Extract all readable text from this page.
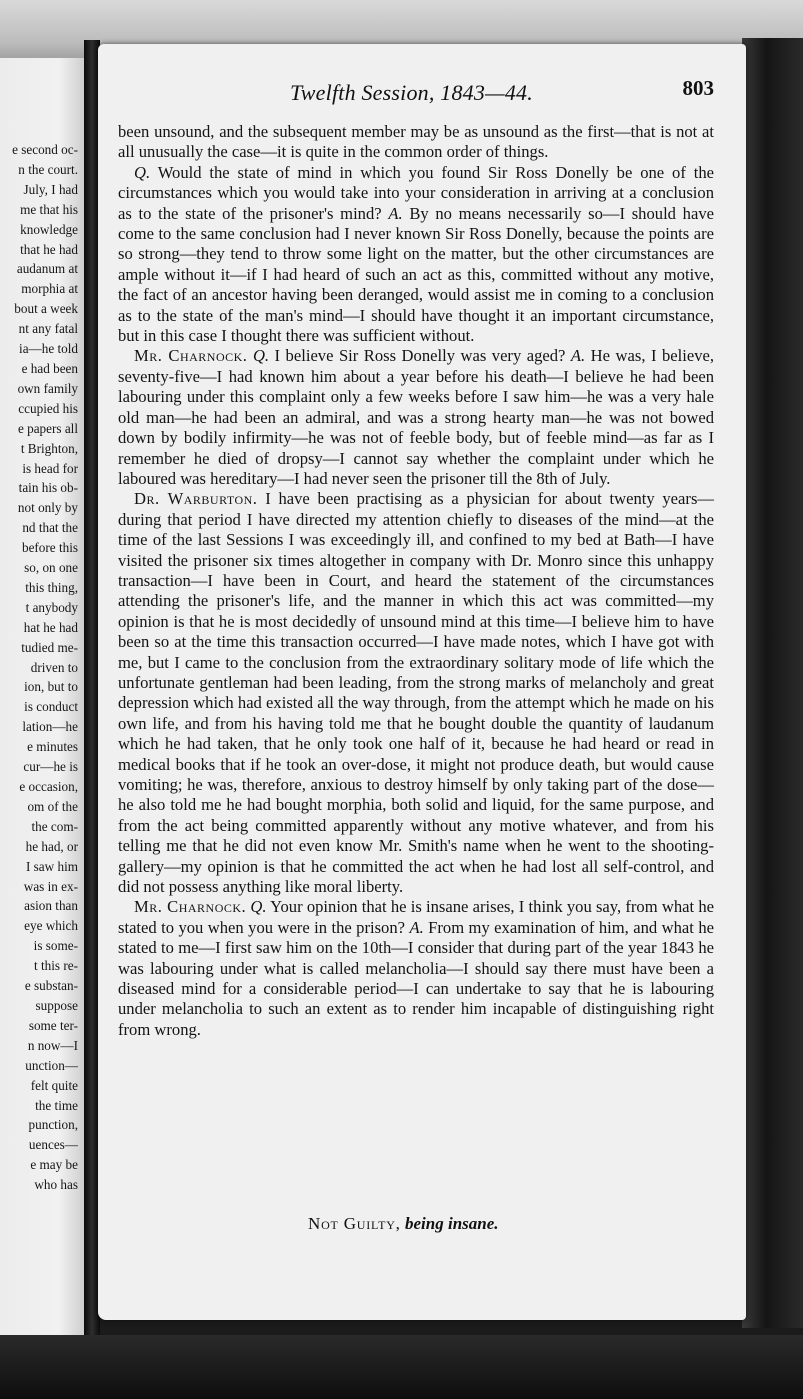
e second oc-
n the court.
July, I had
me that his
knowledge
that he had
audanum at
morphia at
bout a week
nt any fatal
ia—he told
e had been
own family
ccupied his
e papers all
t Brighton,
is head for
tain his ob-
not only by
nd that the
before this
so, on one
this thing,
t anybody
hat he had
tudied me-
driven to
ion, but to
is conduct
lation—he
e minutes
cur—he is
e occasion,
om of the
the com-
he had, or
I saw him
was in ex-
asion than
eye which
is some-
t this re-
e substan-
suppose
some ter-
n now—I
unction—
felt quite
the time
punction,
uences—
e may be
who has
Twelfth Session, 1843—44.	803

been unsound, and the subsequent member may be as unsound as the first—that is not at all unusually the case—it is quite in the common order of things.

Q. Would the state of mind in which you found Sir Ross Donelly be one of the circumstances which you would take into your consideration in arriving at a conclusion as to the state of the prisoner's mind? A. By no means necessarily so—I should have come to the same conclusion had I never known Sir Ross Donelly, because the points are so strong—they tend to throw some light on the matter, but the other circumstances are ample without it—if I had heard of such an act as this, committed without any motive, the fact of an ancestor having been deranged, would assist me in coming to a conclusion as to the state of the man's mind—I should have thought it an important circumstance, but in this case I thought there was sufficient without.

Mr. Charnock. Q. I believe Sir Ross Donelly was very aged? A. He was, I believe, seventy-five—I had known him about a year before his death—I believe he had been labouring under this complaint only a few weeks before I saw him—he was a very hale old man—he had been an admiral, and was a strong hearty man—he was not bowed down by bodily infirmity—he was not of feeble body, but of feeble mind—as far as I remember he died of dropsy—I cannot say whether the complaint under which he laboured was hereditary—I had never seen the prisoner till the 8th of July.

Dr. Warburton. I have been practising as a physician for about twenty years—during that period I have directed my attention chiefly to diseases of the mind—at the time of the last Sessions I was exceedingly ill, and confined to my bed at Bath—I have visited the prisoner six times altogether in company with Dr. Monro since this unhappy transaction—I have been in Court, and heard the statement of the circumstances attending the prisoner's life, and the manner in which this act was committed—my opinion is that he is most decidedly of unsound mind at this time—I believe him to have been so at the time this transaction occurred—I have made notes, which I have got with me, but I came to the conclusion from the extraordinary solitary mode of life which the unfortunate gentleman had been leading, from the strong marks of melancholy and great depression which had existed all the way through, from the attempt which he made on his own life, and from his having told me that he bought double the quantity of laudanum which he had taken, that he only took one half of it, because he had heard or read in medical books that if he took an over-dose, it might not produce death, but would cause vomiting; he was, therefore, anxious to destroy himself by only taking part of the dose—he also told me he had bought morphia, both solid and liquid, for the same purpose, and from the act being committed apparently without any motive whatever, and from his telling me that he did not even know Mr. Smith's name when he went to the shooting-gallery—my opinion is that he committed the act when he had lost all self-control, and did not possess anything like moral liberty.

Mr. Charnock. Q. Your opinion that he is insane arises, I think you say, from what he stated to you when you were in the prison? A. From my examination of him, and what he stated to me—I first saw him on the 10th—I consider that during part of the year 1843 he was labouring under what is called melancholia—I should say there must have been a diseased mind for a considerable period—I can undertake to say that he is labouring under melancholia to such an extent as to render him incapable of distinguishing right from wrong.

Not Guilty, being insane.
